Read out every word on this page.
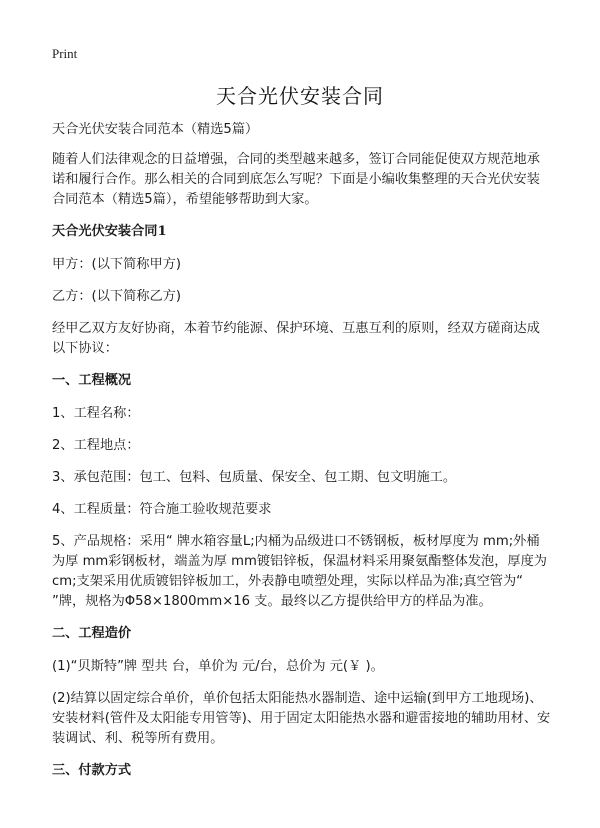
Print
天合光伏安装合同

天合光伏安装合同范本（精选5篇）

随着人们法律观念的日益增强，合同的类型越来越多，签订合同能促使双方规范地承诺和履行合作。那么相关的合同到底怎么写呢？下面是小编收集整理的天合光伏安装合同范本（精选5篇），希望能够帮助到大家。

天合光伏安装合同1

甲方：(以下简称甲方)

乙方：(以下简称乙方)

经甲乙双方友好协商，本着节约能源、保护环境、互惠互利的原则，经双方磋商达成以下协议：

一、工程概况

1、工程名称：

2、工程地点：

3、承包范围：包工、包料、包质量、保安全、包工期、包文明施工。

4、工程质量：符合施工验收规范要求

5、产品规格：采用“ 牌水箱容量L;内桶为品级进口不锈钢板，板材厚度为 mm;外桶为厚 mm彩钢板材，端盖为厚 mm镀铝锌板，保温材料采用聚氨酯整体发泡，厚度为 cm;支架采用优质镀铝锌板加工，外表静电喷塑处理，实际以样品为准;真空管为“ ”牌，规格为Φ58×1800mm×16 支。最终以乙方提供给甲方的样品为准。

二、工程造价

(1)“贝斯特”牌 型共 台，单价为 元/台，总价为 元(￥ )。

(2)结算以固定综合单价，单价包括太阳能热水器制造、途中运输(到甲方工地现场)、安装材料(管件及太阳能专用管等)、用于固定太阳能热水器和避雷接地的辅助用材、安装调试、利、税等所有费用。

三、付款方式
